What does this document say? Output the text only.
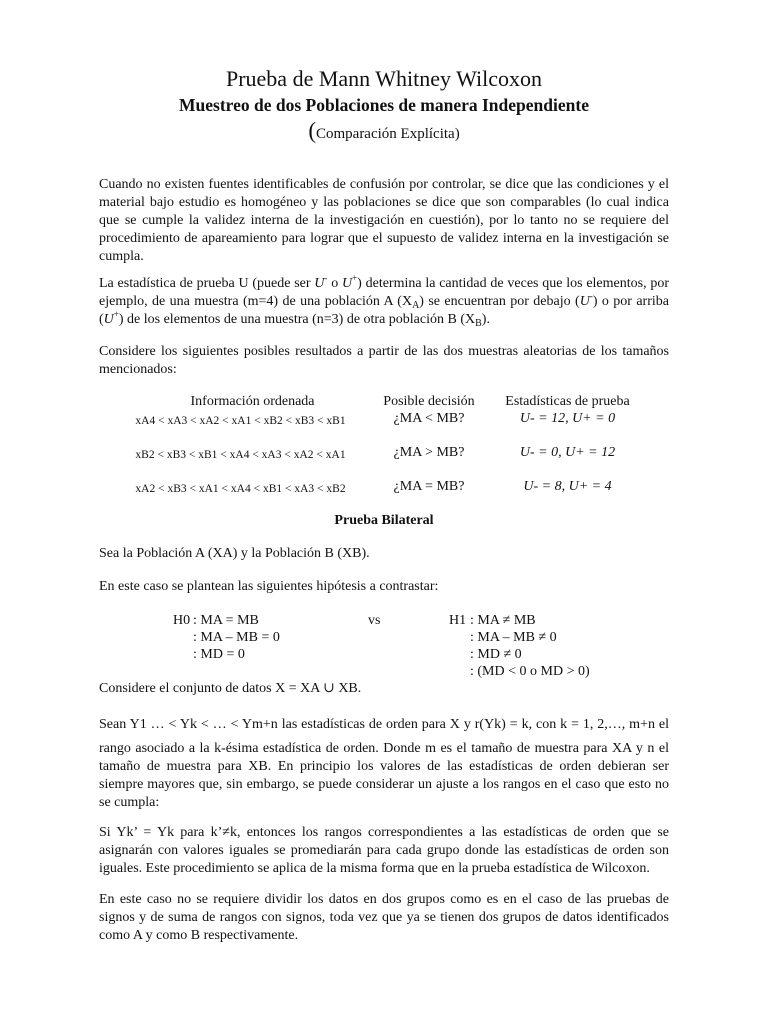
Prueba de Mann Whitney Wilcoxon
Muestreo de dos Poblaciones de manera Independiente
(Comparación Explícita)
Cuando no existen fuentes identificables de confusión por controlar, se dice que las condiciones y el material bajo estudio es homogéneo y las poblaciones se dice que son comparables (lo cual indica que se cumple la validez interna de la investigación en cuestión), por lo tanto no se requiere del procedimiento de apareamiento para lograr que el supuesto de validez interna en la investigación se cumpla.
La estadística de prueba U (puede ser U- o U+) determina la cantidad de veces que los elementos, por ejemplo, de una muestra (m=4) de una población A $(X_A)$ se encuentran por debajo (U-) o por arriba (U+) de los elementos de una muestra (n=3) de otra población B $(X_B)$.
Considere los siguientes posibles resultados a partir de las dos muestras aleatorias de los tamaños mencionados:
Información ordenada	Posible decisión	Estadísticas de prueba
xA4 < xA3 < xA2 < xA1 < xB2 < xB3 < xB1	¿MA < MB?	U- = 12, U+ = 0
xB2 < xB3 < xB1 < xA4 < xA3 < xA2 < xA1	¿MA > MB?	U- = 0, U+ = 12
xA2 < xB3 < xA1 < xA4 < xB1 < xA3 < xB2	¿MA = MB?	U- = 8, U+ = 4
Prueba Bilateral
Sea la Población A (XA) y la Población B (XB).
En este caso se plantean las siguientes hipótesis a contrastar:
H0 : MA = MB
: MA – MB = 0
: MD = 0
vs	H1 : MA ≠ MB
: MA – MB ≠ 0
: MD ≠ 0
: (MD < 0 o MD > 0)
Considere el conjunto de datos X = XA ∪ XB.
Sean Y1 … < Yk < … < Ym+n las estadísticas de orden para X y r(Yk) = k, con k = 1, 2,…, m+n el
rango asociado a la k-ésima estadística de orden. Donde m es el tamaño de muestra para XA y n el tamaño de muestra para XB. En principio los valores de las estadísticas de orden debieran ser siempre mayores que, sin embargo, se puede considerar un ajuste a los rangos en el caso que esto no se cumpla:
Si Yk’ = Yk para k’≠k, entonces los rangos correspondientes a las estadísticas de orden que se asignarán con valores iguales se promediarán para cada grupo donde las estadísticas de orden son iguales. Este procedimiento se aplica de la misma forma que en la prueba estadística de Wilcoxon.
En este caso no se requiere dividir los datos en dos grupos como es en el caso de las pruebas de signos y de suma de rangos con signos, toda vez que ya se tienen dos grupos de datos identificados como A y como B respectivamente.
